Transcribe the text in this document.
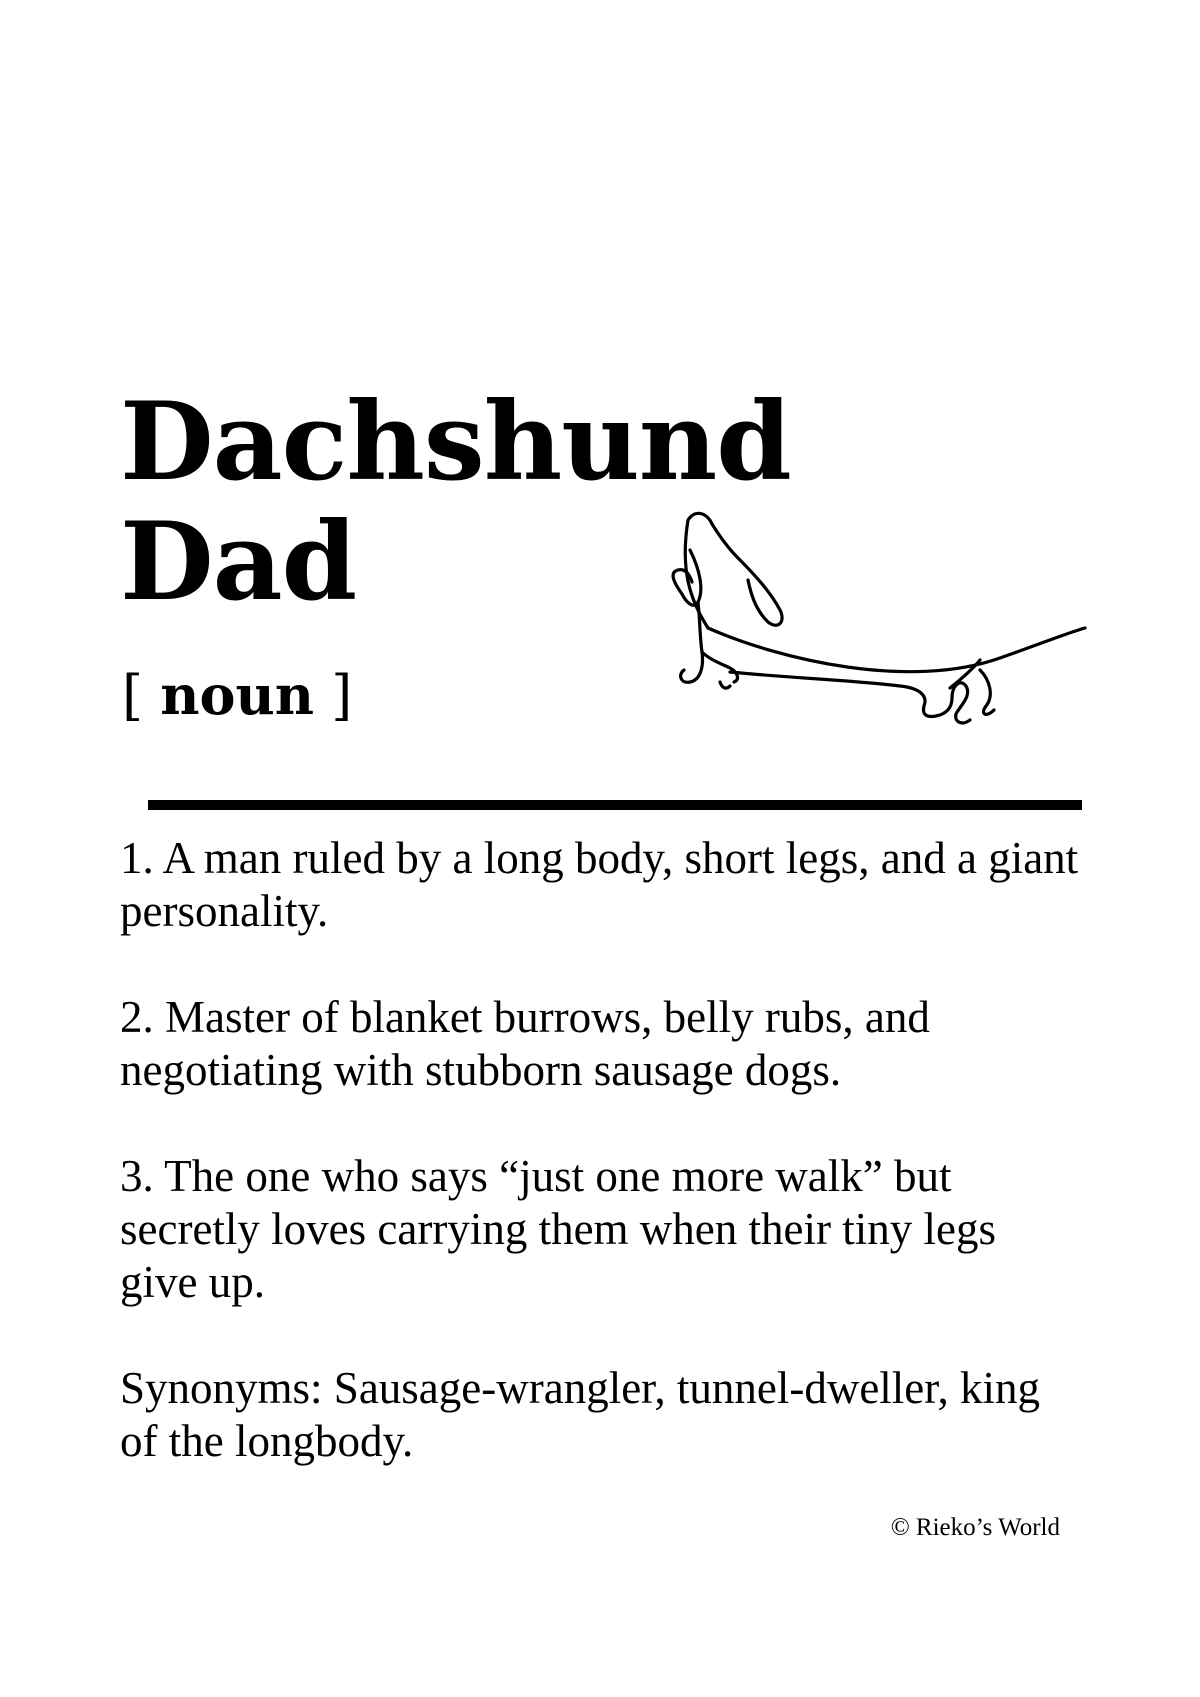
Dachshund
Dad
[ noun ]

1. A man ruled by a long body, short legs, and a giant personality.

2. Master of blanket burrows, belly rubs, and negotiating with stubborn sausage dogs.

3. The one who says “just one more walk” but secretly loves carrying them when their tiny legs give up.

Synonyms: Sausage-wrangler, tunnel-dweller, king of the longbody.

© Rieko’s World
